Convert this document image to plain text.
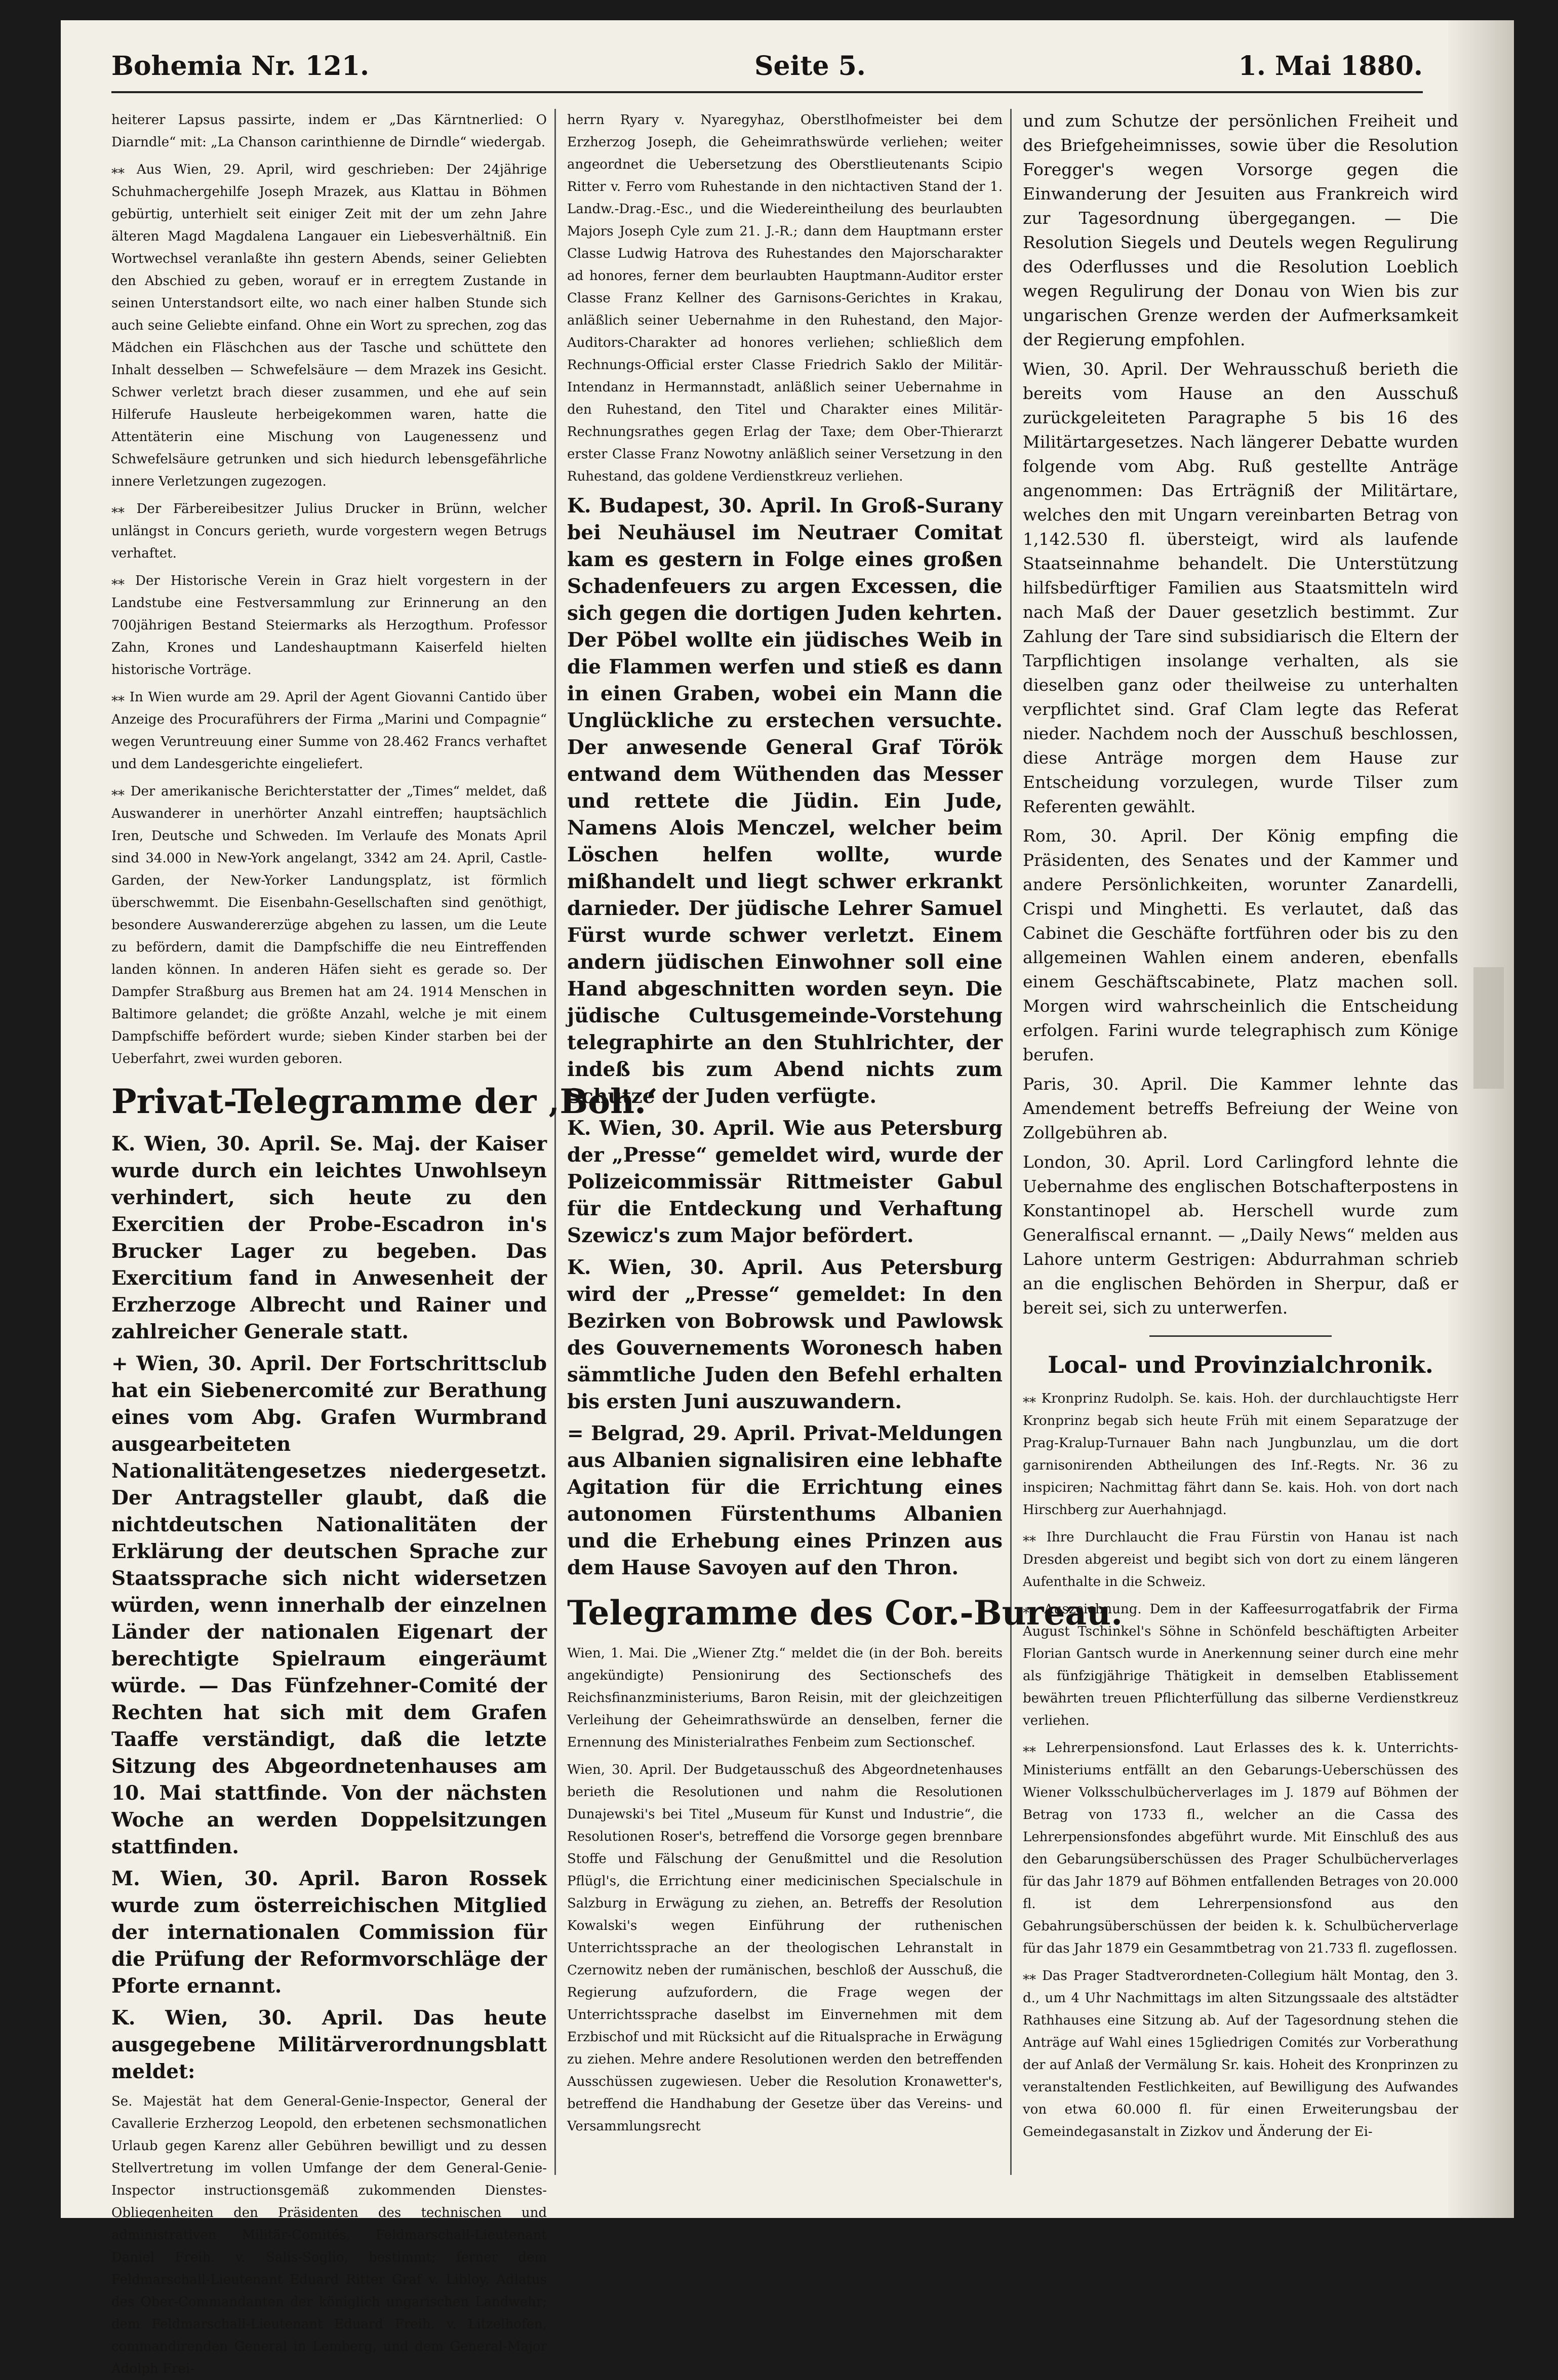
Bohemia Nr. 121.	Seite 5.	1. Mai 1880.

heiterer Lapsus passirte, indem er „Das Kärntnerlied: O Diarndle“ mit: „La Chanson carinthienne de Dirndle“ wiedergab.

⁎⁎ Aus Wien, 29. April, wird geschrieben: Der 24jährige Schuhmachergehilfe Joseph Mrazek, aus Klattau in Böhmen gebürtig, unterhielt seit einiger Zeit mit der um zehn Jahre älteren Magd Magdalena Langauer ein Liebesverhältniß. Ein Wortwechsel veranlaßte ihn gestern Abends, seiner Geliebten den Abschied zu geben, worauf er in erregtem Zustande in seinen Unterstandsort eilte, wo nach einer halben Stunde sich auch seine Geliebte einfand. Ohne ein Wort zu sprechen, zog das Mädchen ein Fläschchen aus der Tasche und schüttete den Inhalt desselben — Schwefelsäure — dem Mrazek ins Gesicht. Schwer verletzt brach dieser zusammen, und ehe auf sein Hilferufe Hausleute herbeigekommen waren, hatte die Attentäterin eine Mischung von Laugenessenz und Schwefelsäure getrunken und sich hiedurch lebensgefährliche innere Verletzungen zugezogen.

⁎⁎ Der Färbereibesitzer Julius Drucker in Brünn, welcher unlängst in Concurs gerieth, wurde vorgestern wegen Betrugs verhaftet.

⁎⁎ Der Historische Verein in Graz hielt vorgestern in der Landstube eine Festversammlung zur Erinnerung an den 700jährigen Bestand Steiermarks als Herzogthum. Professor Zahn, Krones und Landeshauptmann Kaiserfeld hielten historische Vorträge.

⁎⁎ In Wien wurde am 29. April der Agent Giovanni Cantido über Anzeige des Procuraführers der Firma „Marini und Compagnie“ wegen Veruntreuung einer Summe von 28.462 Francs verhaftet und dem Landesgerichte eingeliefert.

⁎⁎ Der amerikanische Berichterstatter der „Times“ meldet, daß Auswanderer in unerhörter Anzahl eintreffen; hauptsächlich Iren, Deutsche und Schweden. Im Verlaufe des Monats April sind 34.000 in New-York angelangt, 3342 am 24. April, Castle-Garden, der New-Yorker Landungsplatz, ist förmlich überschwemmt. Die Eisenbahn-Gesellschaften sind genöthigt, besondere Auswandererzüge abgehen zu lassen, um die Leute zu befördern, damit die Dampfschiffe die neu Eintreffenden landen können. In anderen Häfen sieht es gerade so. Der Dampfer Straßburg aus Bremen hat am 24. 1914 Menschen in Baltimore gelandet; die größte Anzahl, welche je mit einem Dampfschiffe befördert wurde; sieben Kinder starben bei der Ueberfahrt, zwei wurden geboren.

Privat-Telegramme der ‚Boh.‘

K. Wien, 30. April. Se. Maj. der Kaiser wurde durch ein leichtes Unwohlseyn verhindert, sich heute zu den Exercitien der Probe-Escadron in's Brucker Lager zu begeben. Das Exercitium fand in Anwesenheit der Erzherzoge Albrecht und Rainer und zahlreicher Generale statt.

+ Wien, 30. April. Der Fortschrittsclub hat ein Siebenercomité zur Berathung eines vom Abg. Grafen Wurmbrand ausgearbeiteten Nationalitätengesetzes niedergesetzt. Der Antragsteller glaubt, daß die nichtdeutschen Nationalitäten der Erklärung der deutschen Sprache zur Staatssprache sich nicht widersetzen würden, wenn innerhalb der einzelnen Länder der nationalen Eigenart der berechtigte Spielraum eingeräumt würde. — Das Fünfzehner-Comité der Rechten hat sich mit dem Grafen Taaffe verständigt, daß die letzte Sitzung des Abgeordnetenhauses am 10. Mai stattfinde. Von der nächsten Woche an werden Doppelsitzungen stattfinden.

M. Wien, 30. April. Baron Rossek wurde zum österreichischen Mitglied der internationalen Commission für die Prüfung der Reformvorschläge der Pforte ernannt.

K. Wien, 30. April. Das heute ausgegebene Militärverordnungsblatt meldet:

Se. Majestät hat dem General-Genie-Inspector, General der Cavallerie Erzherzog Leopold, den erbetenen sechsmonatlichen Urlaub gegen Karenz aller Gebühren bewilligt und zu dessen Stellvertretung im vollen Umfange der dem General-Genie-Inspector instructionsgemäß zukommenden Dienstes-Obliegenheiten den Präsidenten des technischen und administrativen Militär-Comités, Feldmarschall-Lieutenant Daniel Freih. v. Salis-Soglio, bestimmt; ferner dem Feldmarschall-Lieutenant Eduard Ritter Graf v. Libloy, Adlatus des Ober-Commandanten der königlich ungarischen Landwehr; dem Feldmarschall-Lieutenant Eduard Freih. v. Litzelhofen, commandirenden General in Lemberg, und dem General-Major Adolph Frei-

herrn Ryary v. Nyaregyhaz, Oberstlhofmeister bei dem Erzherzog Joseph, die Geheimrathswürde verliehen; weiter angeordnet die Uebersetzung des Oberstlieutenants Scipio Ritter v. Ferro vom Ruhestande in den nichtactiven Stand der 1. Landw.-Drag.-Esc., und die Wiedereintheilung des beurlaubten Majors Joseph Cyle zum 21. J.-R.; dann dem Hauptmann erster Classe Ludwig Hatrova des Ruhestandes den Majorscharakter ad honores, ferner dem beurlaubten Hauptmann-Auditor erster Classe Franz Kellner des Garnisons-Gerichtes in Krakau, anläßlich seiner Uebernahme in den Ruhestand, den Major-Auditors-Charakter ad honores verliehen; schließlich dem Rechnungs-Official erster Classe Friedrich Saklo der Militär-Intendanz in Hermannstadt, anläßlich seiner Uebernahme in den Ruhestand, den Titel und Charakter eines Militär-Rechnungsrathes gegen Erlag der Taxe; dem Ober-Thierarzt erster Classe Franz Nowotny anläßlich seiner Versetzung in den Ruhestand, das goldene Verdienstkreuz verliehen.

K. Budapest, 30. April. In Groß-Surany bei Neuhäusel im Neutraer Comitat kam es gestern in Folge eines großen Schadenfeuers zu argen Excessen, die sich gegen die dortigen Juden kehrten. Der Pöbel wollte ein jüdisches Weib in die Flammen werfen und stieß es dann in einen Graben, wobei ein Mann die Unglückliche zu erstechen versuchte. Der anwesende General Graf Török entwand dem Wüthenden das Messer und rettete die Jüdin. Ein Jude, Namens Alois Menczel, welcher beim Löschen helfen wollte, wurde mißhandelt und liegt schwer erkrankt darnieder. Der jüdische Lehrer Samuel Fürst wurde schwer verletzt. Einem andern jüdischen Einwohner soll eine Hand abgeschnitten worden seyn. Die jüdische Cultusgemeinde-Vorstehung telegraphirte an den Stuhlrichter, der indeß bis zum Abend nichts zum Schutze der Juden verfügte.

K. Wien, 30. April. Wie aus Petersburg der „Presse“ gemeldet wird, wurde der Polizeicommissär Rittmeister Gabul für die Entdeckung und Verhaftung Szewicz's zum Major befördert.

K. Wien, 30. April. Aus Petersburg wird der „Presse“ gemeldet: In den Bezirken von Bobrowsk und Pawlowsk des Gouvernements Woronesch haben sämmtliche Juden den Befehl erhalten bis ersten Juni auszuwandern.

= Belgrad, 29. April. Privat-Meldungen aus Albanien signalisiren eine lebhafte Agitation für die Errichtung eines autonomen Fürstenthums Albanien und die Erhebung eines Prinzen aus dem Hause Savoyen auf den Thron.

Telegramme des Cor.-Bureau.

Wien, 1. Mai. Die „Wiener Ztg.“ meldet die (in der Boh. bereits angekündigte) Pensionirung des Sectionschefs des Reichsfinanzministeriums, Baron Reisin, mit der gleichzeitigen Verleihung der Geheimrathswürde an denselben, ferner die Ernennung des Ministerialrathes Fenbeim zum Sectionschef.

Wien, 30. April. Der Budgetausschuß des Abgeordnetenhauses berieth die Resolutionen und nahm die Resolutionen Dunajewski's bei Titel „Museum für Kunst und Industrie“, die Resolutionen Roser's, betreffend die Vorsorge gegen brennbare Stoffe und Fälschung der Genußmittel und die Resolution Pflügl's, die Errichtung einer medicinischen Specialschule in Salzburg in Erwägung zu ziehen, an. Betreffs der Resolution Kowalski's wegen Einführung der ruthenischen Unterrichtssprache an der theologischen Lehranstalt in Czernowitz neben der rumänischen, beschloß der Ausschuß, die Regierung aufzufordern, die Frage wegen der Unterrichtssprache daselbst im Einvernehmen mit dem Erzbischof und mit Rücksicht auf die Ritualsprache in Erwägung zu ziehen. Mehre andere Resolutionen werden den betreffenden Ausschüssen zugewiesen. Ueber die Resolution Kronawetter's, betreffend die Handhabung der Gesetze über das Vereins- und Versammlungsrecht

und zum Schutze der persönlichen Freiheit und des Briefgeheimnisses, sowie über die Resolution Foregger's wegen Vorsorge gegen die Einwanderung der Jesuiten aus Frankreich wird zur Tagesordnung übergegangen. — Die Resolution Siegels und Deutels wegen Regulirung des Oderflusses und die Resolution Loeblich wegen Regulirung der Donau von Wien bis zur ungarischen Grenze werden der Aufmerksamkeit der Regierung empfohlen.

Wien, 30. April. Der Wehrausschuß berieth die bereits vom Hause an den Ausschuß zurückgeleiteten Paragraphe 5 bis 16 des Militärtargesetzes. Nach längerer Debatte wurden folgende vom Abg. Ruß gestellte Anträge angenommen: Das Erträgniß der Militärtare, welches den mit Ungarn vereinbarten Betrag von 1,142.530 fl. übersteigt, wird als laufende Staatseinnahme behandelt. Die Unterstützung hilfsbedürftiger Familien aus Staatsmitteln wird nach Maß der Dauer gesetzlich bestimmt. Zur Zahlung der Tare sind subsidiarisch die Eltern der Tarpflichtigen insolange verhalten, als sie dieselben ganz oder theilweise zu unterhalten verpflichtet sind. Graf Clam legte das Referat nieder. Nachdem noch der Ausschuß beschlossen, diese Anträge morgen dem Hause zur Entscheidung vorzulegen, wurde Tilser zum Referenten gewählt.

Rom, 30. April. Der König empfing die Präsidenten, des Senates und der Kammer und andere Persönlichkeiten, worunter Zanardelli, Crispi und Minghetti. Es verlautet, daß das Cabinet die Geschäfte fortführen oder bis zu den allgemeinen Wahlen einem anderen, ebenfalls einem Geschäftscabinete, Platz machen soll. Morgen wird wahrscheinlich die Entscheidung erfolgen. Farini wurde telegraphisch zum Könige berufen.

Paris, 30. April. Die Kammer lehnte das Amendement betreffs Befreiung der Weine von Zollgebühren ab.

London, 30. April. Lord Carlingford lehnte die Uebernahme des englischen Botschafterpostens in Konstantinopel ab. Herschell wurde zum Generalfiscal ernannt. — „Daily News“ melden aus Lahore unterm Gestrigen: Abdurrahman schrieb an die englischen Behörden in Sherpur, daß er bereit sei, sich zu unterwerfen.

Local- und Provinzialchronik.

⁎⁎ Kronprinz Rudolph. Se. kais. Hoh. der durchlauchtigste Herr Kronprinz begab sich heute Früh mit einem Separatzuge der Prag-Kralup-Turnauer Bahn nach Jungbunzlau, um die dort garnisonirenden Abtheilungen des Inf.-Regts. Nr. 36 zu inspiciren; Nachmittag fährt dann Se. kais. Hoh. von dort nach Hirschberg zur Auerhahnjagd.

⁎⁎ Ihre Durchlaucht die Frau Fürstin von Hanau ist nach Dresden abgereist und begibt sich von dort zu einem längeren Aufenthalte in die Schweiz.

⁎⁎ Auszeichnung. Dem in der Kaffeesurrogatfabrik der Firma August Tschinkel's Söhne in Schönfeld beschäftigten Arbeiter Florian Gantsch wurde in Anerkennung seiner durch eine mehr als fünfzigjährige Thätigkeit in demselben Etablissement bewährten treuen Pflichterfüllung das silberne Verdienstkreuz verliehen.

⁎⁎ Lehrerpensionsfond. Laut Erlasses des k. k. Unterrichts-Ministeriums entfällt an den Gebarungs-Ueberschüssen des Wiener Volksschulbücherverlages im J. 1879 auf Böhmen der Betrag von 1733 fl., welcher an die Cassa des Lehrerpensionsfondes abgeführt wurde. Mit Einschluß des aus den Gebarungsüberschüssen des Prager Schulbücherverlages für das Jahr 1879 auf Böhmen entfallenden Betrages von 20.000 fl. ist dem Lehrerpensionsfond aus den Gebahrungsüberschüssen der beiden k. k. Schulbücherverlage für das Jahr 1879 ein Gesammtbetrag von 21.733 fl. zugeflossen.

⁎⁎ Das Prager Stadtverordneten-Collegium hält Montag, den 3. d., um 4 Uhr Nachmittags im alten Sitzungssaale des altstädter Rathhauses eine Sitzung ab. Auf der Tagesordnung stehen die Anträge auf Wahl eines 15gliedrigen Comités zur Vorberathung der auf Anlaß der Vermälung Sr. kais. Hoheit des Kronprinzen zu veranstaltenden Festlichkeiten, auf Bewilligung des Aufwandes von etwa 60.000 fl. für einen Erweiterungsbau der Gemeindegasanstalt in Zizkov und Änderung der Ei-
